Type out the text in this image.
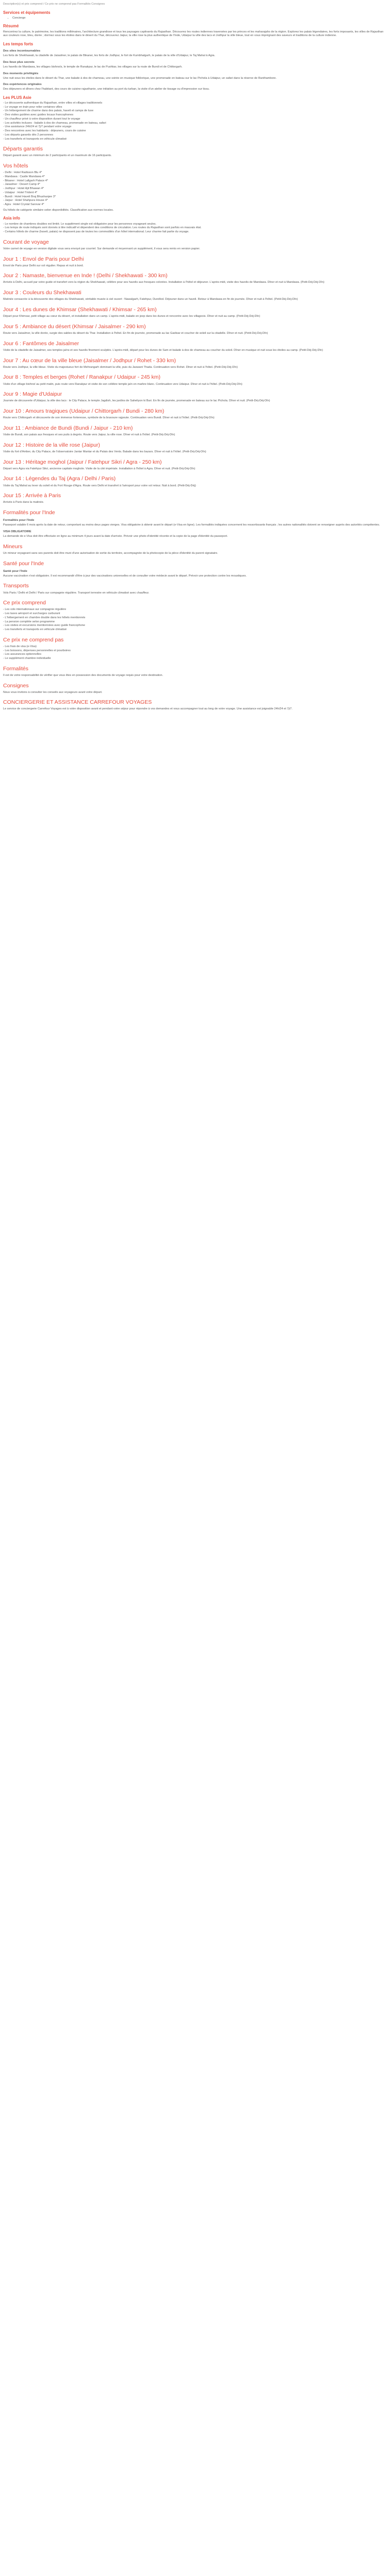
Description(s) et prix comprend / Ce prix ne comprend pas Formalités Consignes

Services et équipements
• Concierge
Résumé

Rencontrez la culture, le patrimoine, les traditions millénaires, l'architecture grandiose et tous les paysages captivants du Rajasthan. Découvrez les routes indiennes traversées par les princes et les maharajahs de la région. Explorez les palais légendaires, les forts imposants, les villes de Rajasthan aux couleurs rose, bleu, dorée ; dormez sous les étoiles dans le désert du Thar, découvrez Jaipur, la ville rose la plus authentique de l'Inde, Udaipur la ville des lacs et Jodhpur la ville bleue, tout en vous imprégnant des saveurs et traditions de la culture indienne.

Les temps forts
Des sites incontournables

Les forts de Shekhawati, la citadelle de Jaisalmer, le palais de Bikaner, les forts de Jodhpur, le fort de Kumbhalgarh, le palais de la ville d'Udaipur, le Taj Mahal à Agra.

Des lieux plus secrets

Les havelis de Mandawa, les villages bishnoïs, le temple de Ranakpur, le lac de Pushkar, les villages sur la route de Bundi et de Chittorgarh.

Des moments privilégiés

Une nuit sous les étoiles dans le désert du Thar, une balade à dos de chameau, une soirée en musique folklorique, une promenade en bateau sur le lac Pichola à Udaipur, un safari dans la réserve de Ranthambore.

Des expériences originales

Des déjeuners et dîners chez l'habitant, des cours de cuisine rajasthanie, une initiation au port du turban, la visite d'un atelier de tissage ou d'impression sur tissu.

Les PLUS Asie
- Le découverte authentique du Rajasthan, entre villes et villages traditionnels
- Le voyage en train pour relier certaines villes
- Un hébergement de charme dans des palais, haveli et camps de luxe
- Des visites guidées avec guides locaux francophones
- Un chauffeur privé à votre disposition durant tout le voyage
- Les activités incluses : balade à dos de chameau, promenade en bateau, safari
- Une assistance 24h/24 et 7j/7 pendant votre voyage
- Des rencontres avec les habitants : déjeuners, cours de cuisine
- Les départs garantis dès 2 personnes
- Les transferts et transports en véhicule climatisé
Départs garantis

Départ garanti avec un minimum de 2 participants et un maximum de 16 participants.

Vos hôtels
- Delhi : Hotel Radisson Blu 4*
- Mandawa : Castle Mandawa 4*
- Bikaner : Hotel Lallgarh Palace 4*
- Jaisalmer : Desert Camp 4*
- Jodhpur : Hotel Ajit Bhawan 4*
- Udaipur : Hotel Trident 4*
- Bundi : Hotel Haveli Braj Bhushanjee 3*
- Jaipur : Hotel Shahpura House 4*
- Agra : Hotel Crystal Sarovar 4*

Ou hôtels de catégorie similaire selon disponibilités. Classification aux normes locales.

Asia info
- Le nombre de chambres doubles est limité. Le supplément single est obligatoire pour les personnes voyageant seules.
- Les temps de route indiqués sont donnés à titre indicatif et dépendent des conditions de circulation. Les routes du Rajasthan sont parfois en mauvais état.
- Certains hôtels de charme (haveli, palais) ne disposent pas de toutes les commodités d'un hôtel international. Leur charme fait partie du voyage.
Courant de voyage

Votre carnet de voyage en version digitale vous sera envoyé par courriel. Sur demande et moyennant un supplément, il vous sera remis en version papier.

Jour 1 : Envol de Paris pour Delhi

Envol de Paris pour Delhi sur vol régulier. Repas et nuit à bord.

Jour 2 : Namaste, bienvenue en Inde ! (Delhi / Shekhawati - 300 km)

Arrivée à Delhi, accueil par votre guide et transfert vers la région du Shekhawati, célèbre pour ses havelis aux fresques colorées. Installation à l'hôtel et déjeuner. L'après-midi, visite des havelis de Mandawa. Dîner et nuit à Mandawa. (Petit-Déj-Déj-Dîn)

Jour 3 : Couleurs du Shekhawati

Matinée consacrée à la découverte des villages du Shekhawati, véritable musée à ciel ouvert : Nawalgarh, Fatehpur, Dundlod. Déjeuner dans un haveli. Retour à Mandawa en fin de journée. Dîner et nuit à l'hôtel. (Petit-Déj-Déj-Dîn)

Jour 4 : Les dunes de Khimsar (Shekhawati / Khimsar - 265 km)

Départ pour Khimsar, petit village au cœur du désert, et installation dans un camp. L'après-midi, balade en jeep dans les dunes et rencontre avec les villageois. Dîner et nuit au camp. (Petit-Déj-Déj-Dîn)

Jour 5 : Ambiance du désert (Khimsar / Jaisalmer - 290 km)

Route vers Jaisalmer, la ville dorée, surgie des sables du désert du Thar. Installation à l'hôtel. En fin de journée, promenade au lac Gadisar et coucher de soleil sur la citadelle. Dîner et nuit. (Petit-Déj-Déj-Dîn)

Jour 6 : Fantômes de Jaisalmer

Visite de la citadelle de Jaisalmer, ses temples jaïns et ses havelis finement sculptés. L'après-midi, départ pour les dunes de Sam et balade à dos de chameau au coucher du soleil. Dîner en musique et nuit sous les étoiles au camp. (Petit-Déj-Déj-Dîn)

Jour 7 : Au cœur de la ville bleue (Jaisalmer / Jodhpur / Rohet - 330 km)

Route vers Jodhpur, la ville bleue. Visite du majestueux fort de Mehrangarh dominant la ville, puis du Jaswant Thada. Continuation vers Rohet. Dîner et nuit à l'hôtel. (Petit-Déj-Déj-Dîn)

Jour 8 : Temples et berges (Rohet / Ranakpur / Udaipur - 245 km)

Visite d'un village bishnoï au petit matin, puis route vers Ranakpur et visite de son célèbre temple jaïn en marbre blanc. Continuation vers Udaipur. Dîner et nuit à l'hôtel. (Petit-Déj-Déj-Dîn)

Jour 9 : Magie d'Udaipur

Journée de découverte d'Udaipur, la ville des lacs : le City Palace, le temple Jagdish, les jardins de Saheliyon ki Bari. En fin de journée, promenade en bateau sur le lac Pichola. Dîner et nuit. (Petit-Déj-Déj-Dîn)

Jour 10 : Amours tragiques (Udaipur / Chittorgarh / Bundi - 280 km)

Route vers Chittorgarh et découverte de son immense forteresse, symbole de la bravoure rajpoute. Continuation vers Bundi. Dîner et nuit à l'hôtel. (Petit-Déj-Déj-Dîn)

Jour 11 : Ambiance de Bundi (Bundi / Jaipur - 210 km)

Visite de Bundi, son palais aux fresques et ses puits à degrés. Route vers Jaipur, la ville rose. Dîner et nuit à l'hôtel. (Petit-Déj-Déj-Dîn)

Jour 12 : Histoire de la ville rose (Jaipur)

Visite du fort d'Amber, du City Palace, de l'observatoire Jantar Mantar et du Palais des Vents. Balade dans les bazars. Dîner et nuit à l'hôtel. (Petit-Déj-Déj-Dîn)

Jour 13 : Héritage moghol (Jaipur / Fatehpur Sikri / Agra - 250 km)

Départ vers Agra via Fatehpur Sikri, ancienne capitale moghole. Visite de la cité impériale. Installation à l'hôtel à Agra. Dîner et nuit. (Petit-Déj-Déj-Dîn)

Jour 14 : Légendes du Taj (Agra / Delhi / Paris)

Visite du Taj Mahal au lever du soleil et du Fort Rouge d'Agra. Route vers Delhi et transfert à l'aéroport pour votre vol retour. Nuit à bord. (Petit-Déj-Déj)

Jour 15 : Arrivée à Paris

Arrivée à Paris dans la matinée.

Formalités pour l'Inde
Formalités pour l'Inde

Passeport valable 6 mois après la date de retour, comportant au moins deux pages vierges. Visa obligatoire à obtenir avant le départ (e-Visa en ligne). Les formalités indiquées concernent les ressortissants français ; les autres nationalités doivent se renseigner auprès des autorités compétentes.

VISA OBLIGATOIRE

La demande de e-Visa doit être effectuée en ligne au minimum 4 jours avant la date d'arrivée. Prévoir une photo d'identité récente et la copie de la page d'identité du passeport.

Mineurs

Un mineur voyageant sans ses parents doit être muni d'une autorisation de sortie du territoire, accompagnée de la photocopie de la pièce d'identité du parent signataire.

Santé pour l'Inde
Santé pour l'Inde

Aucune vaccination n'est obligatoire. Il est recommandé d'être à jour des vaccinations universelles et de consulter votre médecin avant le départ. Prévoir une protection contre les moustiques.

Transports

Vols Paris / Delhi et Delhi / Paris sur compagnie régulière. Transport terrestre en véhicule climatisé avec chauffeur.

Ce prix comprend
- Les vols internationaux sur compagnie régulière
- Les taxes aéroport et surcharges carburant
- L'hébergement en chambre double dans les hôtels mentionnés
- La pension complète selon programme
- Les visites et excursions mentionnées avec guide francophone
- Les transferts et transports en véhicule climatisé
Ce prix ne comprend pas
- Les frais de visa (e-Visa)
- Les boissons, dépenses personnelles et pourboires
- Les assurances optionnelles
- Le supplément chambre individuelle
Formalités

Il est de votre responsabilité de vérifier que vous êtes en possession des documents de voyage requis pour votre destination.

Consignes

Nous vous invitons à consulter les conseils aux voyageurs avant votre départ.

CONCIERGERIE ET ASSISTANCE CARREFOUR VOYAGES

Le service de conciergerie Carrefour Voyages est à votre disposition avant et pendant votre séjour pour répondre à vos demandes et vous accompagner tout au long de votre voyage. Une assistance est joignable 24h/24 et 7j/7.
